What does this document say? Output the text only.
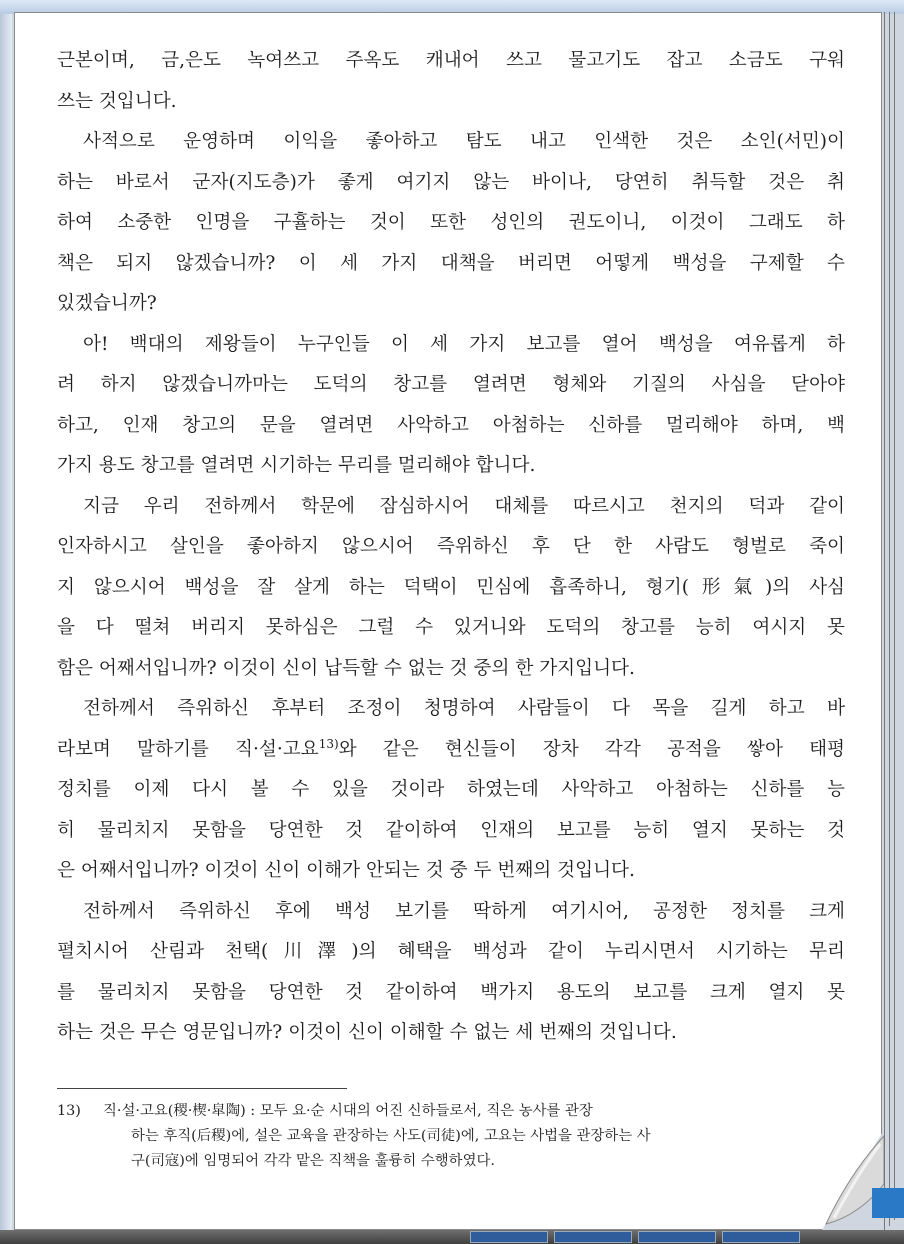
근본이며, 금,은도 녹여쓰고 주옥도 캐내어 쓰고 물고기도 잡고 소금도 구워

쓰는 것입니다.

사적으로 운영하며 이익을 좋아하고 탐도 내고 인색한 것은 소인(서민)이

하는 바로서 군자(지도층)가 좋게 여기지 않는 바이나, 당연히 취득할 것은 취

하여 소중한 인명을 구휼하는 것이 또한 성인의 권도이니, 이것이 그래도 하

책은 되지 않겠습니까? 이 세 가지 대책을 버리면 어떻게 백성을 구제할 수

있겠습니까?

아! 백대의 제왕들이 누구인들 이 세 가지 보고를 열어 백성을 여유롭게 하

려 하지 않겠습니까마는 도덕의 창고를 열려면 형체와 기질의 사심을 닫아야

하고, 인재 창고의 문을 열려면 사악하고 아첨하는 신하를 멀리해야 하며, 백

가지 용도 창고를 열려면 시기하는 무리를 멀리해야 합니다.

지금 우리 전하께서 학문에 잠심하시어 대체를 따르시고 천지의 덕과 같이

인자하시고 살인을 좋아하지 않으시어 즉위하신 후 단 한 사람도 형벌로 죽이

지 않으시어 백성을 잘 살게 하는 덕택이 민심에 흡족하니, 형기(形氣)의 사심

을 다 떨쳐 버리지 못하심은 그럴 수 있거니와 도덕의 창고를 능히 여시지 못

함은 어째서입니까? 이것이 신이 납득할 수 없는 것 중의 한 가지입니다.

전하께서 즉위하신 후부터 조정이 청명하여 사람들이 다 목을 길게 하고 바

라보며 말하기를 직·설·고요$^{13)}$와 같은 현신들이 장차 각각 공적을 쌓아 태평

정치를 이제 다시 볼 수 있을 것이라 하였는데 사악하고 아첨하는 신하를 능

히 물리치지 못함을 당연한 것 같이하여 인재의 보고를 능히 열지 못하는 것

은 어째서입니까? 이것이 신이 이해가 안되는 것 중 두 번째의 것입니다.

전하께서 즉위하신 후에 백성 보기를 딱하게 여기시어, 공정한 정치를 크게

펼치시어 산림과 천택(川澤)의 혜택을 백성과 같이 누리시면서 시기하는 무리

를 물리치지 못함을 당연한 것 같이하여 백가지 용도의 보고를 크게 열지 못

하는 것은 무슨 영문입니까? 이것이 신이 이해할 수 없는 세 번째의 것입니다.

13) 직·설·고요(稷·楔·皐陶) : 모두 요·순 시대의 어진 신하들로서, 직은 농사를 관장

하는 후직(后稷)에, 설은 교육을 관장하는 사도(司徒)에, 고요는 사법을 관장하는 사

구(司寇)에 임명되어 각각 맡은 직책을 훌륭히 수행하였다.
